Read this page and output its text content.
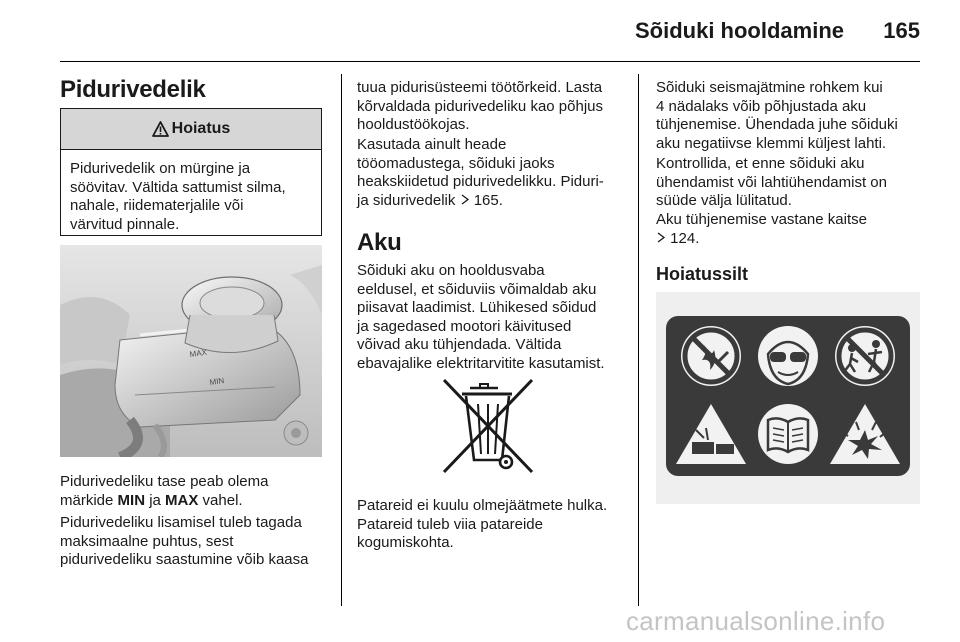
Sõiduki hooldamine 165
Pidurivedelik
Hoiatus
Pidurivedelik on mürgine ja
söövitav. Vältida sattumist silma,
nahale, riidematerjalile või
värvitud pinnale.
MAX
MIN
Pidurivedeliku tase peab olema
märkide MIN ja MAX vahel.
Pidurivedeliku lisamisel tuleb tagada
maksimaalne puhtus, sest
pidurivedeliku saastumine võib kaasa
tuua pidurisüsteemi töötõrkeid. Lasta
kõrvaldada pidurivedeliku kao põhjus
hooldustöökojas.
Kasutada ainult heade
tööomadustega, sõiduki jaoks
heakskiidetud pidurivedelikku. Piduri-
ja sidurivedelik  165.
Aku
Sõiduki aku on hooldusvaba
eeldusel, et sõiduviis võimaldab aku
piisavat laadimist. Lühikesed sõidud
ja sagedased mootori käivitused
võivad aku tühjendada. Vältida
ebavajalike elektritarvitite kasutamist.
Patareid ei kuulu olmejäätmete hulka.
Patareid tuleb viia patareide
kogumiskohta.
Sõiduki seismajätmine rohkem kui
4 nädalaks võib põhjustada aku
tühjenemise. Ühendada juhe sõiduki
aku negatiivse klemmi küljest lahti.
Kontrollida, et enne sõiduki aku
ühendamist või lahtiühendamist on
süüde välja lülitatud.
Aku tühjenemise vastane kaitse
124.
Hoiatussilt
carmanualsonline.info
